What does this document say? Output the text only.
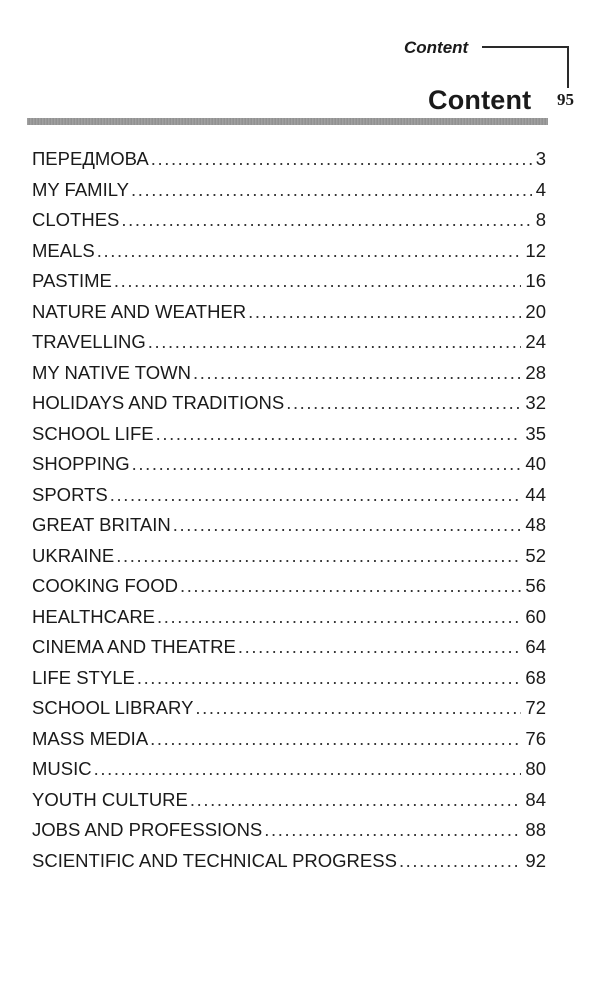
Content
Content 95
ПЕРЕДМОВА .....	3
MY FAMILY .....	4
CLOTHES .....	8
MEALS .....	12
PASTIME .....	16
NATURE AND WEATHER .....	20
TRAVELLING .....	24
MY NATIVE TOWN .....	28
HOLIDAYS AND TRADITIONS .....	32
SCHOOL LIFE .....	35
SHOPPING .....	40
SPORTS .....	44
GREAT BRITAIN .....	48
UKRAINE .....	52
COOKING FOOD .....	56
HEALTHCARE .....	60
CINEMA AND THEATRE .....	64
LIFE STYLE .....	68
SCHOOL LIBRARY .....	72
MASS MEDIA .....	76
MUSIC .....	80
YOUTH CULTURE .....	84
JOBS AND PROFESSIONS .....	88
SCIENTIFIC AND TECHNICAL PROGRESS .....	92
